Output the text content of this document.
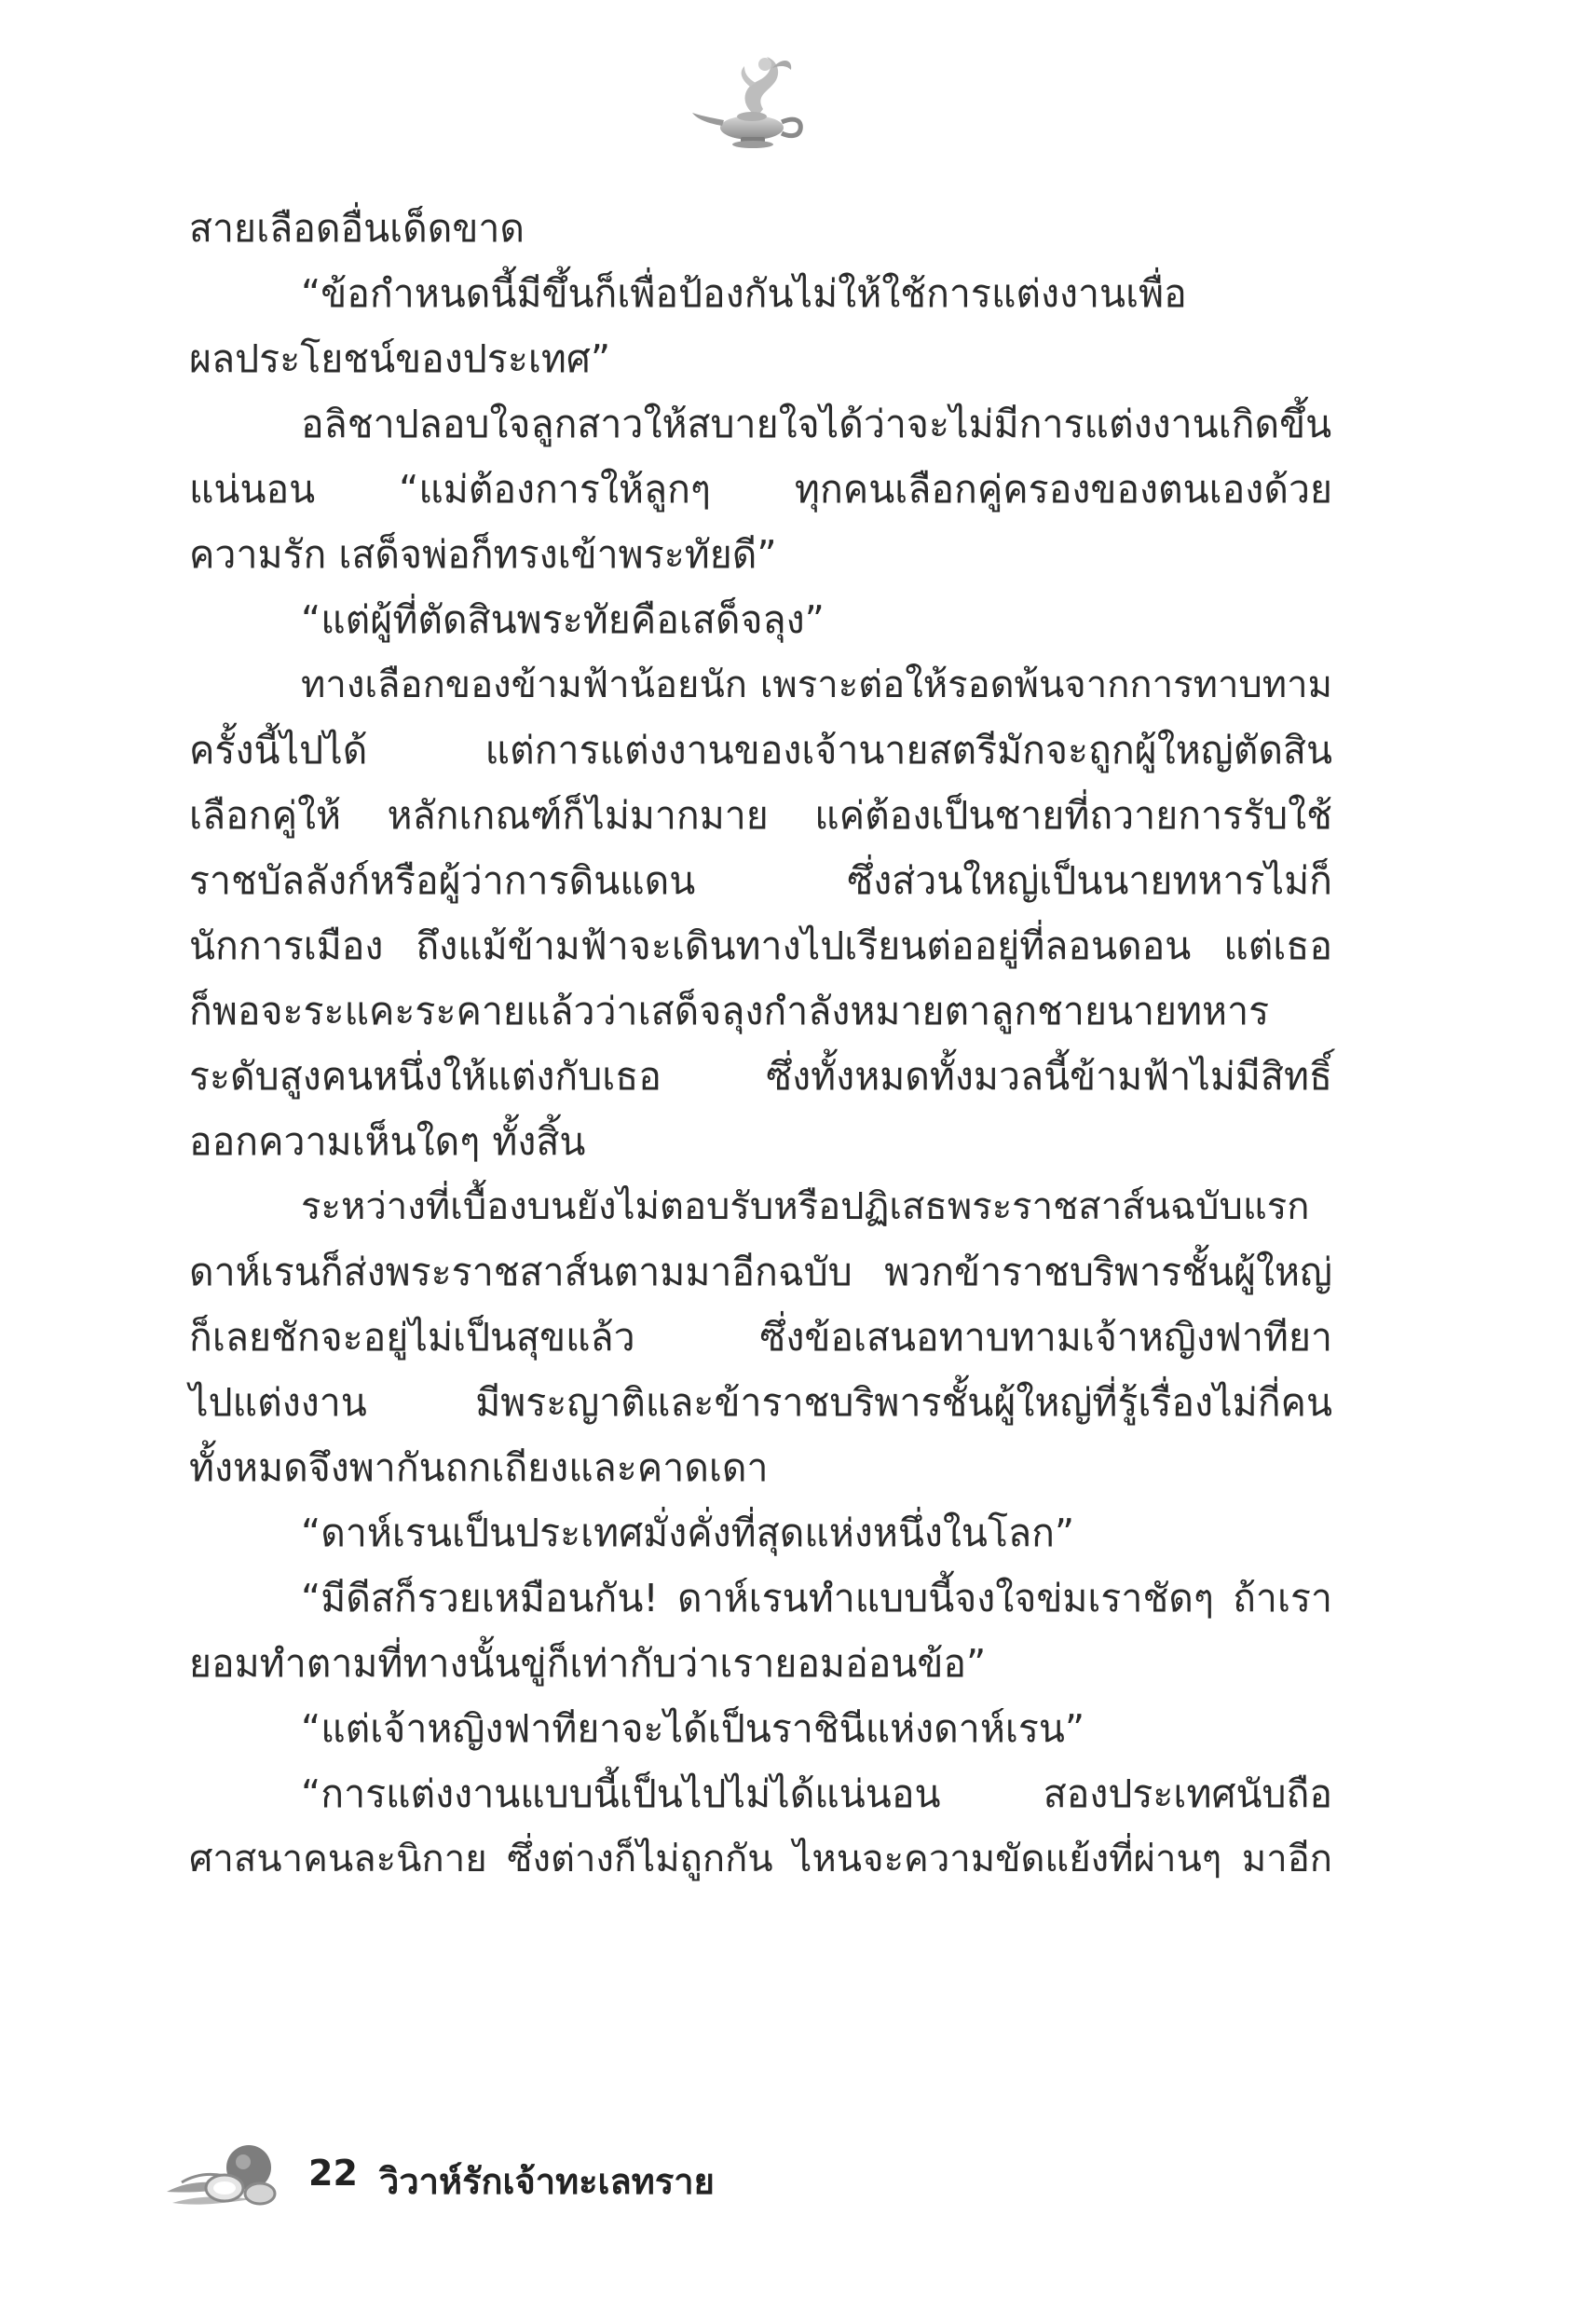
สายเลือดอื่นเด็ดขาด
“ข้อกำหนดนี้มีขึ้นก็เพื่อป้องกันไม่ให้ใช้การแต่งงานเพื่อ
ผลประโยชน์ของประเทศ”
อลิชาปลอบใจลูกสาวให้สบายใจได้ว่าจะไม่มีการแต่งงานเกิดขึ้น
แน่นอน “แม่ต้องการให้ลูกๆ ทุกคนเลือกคู่ครองของตนเองด้วย
ความรัก เสด็จพ่อก็ทรงเข้าพระทัยดี”
“แต่ผู้ที่ตัดสินพระทัยคือเสด็จลุง”
ทางเลือกของข้ามฟ้าน้อยนัก เพราะต่อให้รอดพ้นจากการทาบทาม
ครั้งนี้ไปได้ แต่การแต่งงานของเจ้านายสตรีมักจะถูกผู้ใหญ่ตัดสิน
เลือกคู่ให้ หลักเกณฑ์ก็ไม่มากมาย แค่ต้องเป็นชายที่ถวายการรับใช้
ราชบัลลังก์หรือผู้ว่าการดินแดน ซึ่งส่วนใหญ่เป็นนายทหารไม่ก็
นักการเมือง ถึงแม้ข้ามฟ้าจะเดินทางไปเรียนต่ออยู่ที่ลอนดอน แต่เธอ
ก็พอจะระแคะระคายแล้วว่าเสด็จลุงกำลังหมายตาลูกชายนายทหาร
ระดับสูงคนหนึ่งให้แต่งกับเธอ ซึ่งทั้งหมดทั้งมวลนี้ข้ามฟ้าไม่มีสิทธิ์
ออกความเห็นใดๆ ทั้งสิ้น
ระหว่างที่เบื้องบนยังไม่ตอบรับหรือปฏิเสธพระราชสาส์นฉบับแรก
ดาห์เรนก็ส่งพระราชสาส์นตามมาอีกฉบับ พวกข้าราชบริพารชั้นผู้ใหญ่
ก็เลยชักจะอยู่ไม่เป็นสุขแล้ว ซึ่งข้อเสนอทาบทามเจ้าหญิงฟาทียา
ไปแต่งงาน มีพระญาติและข้าราชบริพารชั้นผู้ใหญ่ที่รู้เรื่องไม่กี่คน
ทั้งหมดจึงพากันถกเถียงและคาดเดา
“ดาห์เรนเป็นประเทศมั่งคั่งที่สุดแห่งหนึ่งในโลก”
“มีดีสก็รวยเหมือนกัน! ดาห์เรนทำแบบนี้จงใจข่มเราชัดๆ ถ้าเรา
ยอมทำตามที่ทางนั้นขู่ก็เท่ากับว่าเรายอมอ่อนข้อ”
“แต่เจ้าหญิงฟาทียาจะได้เป็นราชินีแห่งดาห์เรน”
“การแต่งงานแบบนี้เป็นไปไม่ได้แน่นอน สองประเทศนับถือ
ศาสนาคนละนิกาย ซึ่งต่างก็ไม่ถูกกัน ไหนจะความขัดแย้งที่ผ่านๆ มาอีก
22 วิวาห์รักเจ้าทะเลทราย
